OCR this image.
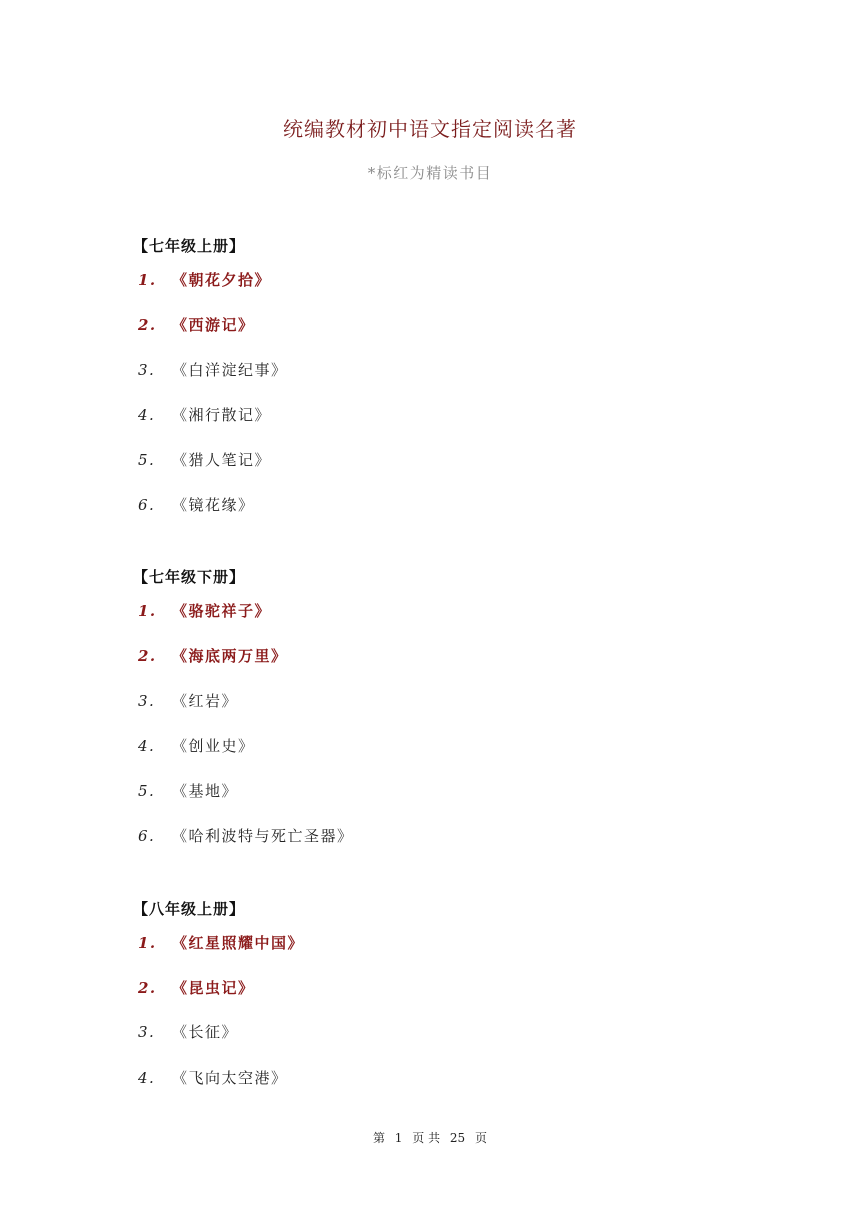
统编教材初中语文指定阅读名著
*标红为精读书目
【七年级上册】
1. 《朝花夕拾》
2. 《西游记》
3. 《白洋淀纪事》
4. 《湘行散记》
5. 《猎人笔记》
6. 《镜花缘》
【七年级下册】
1. 《骆驼祥子》
2. 《海底两万里》
3. 《红岩》
4. 《创业史》
5. 《基地》
6. 《哈利波特与死亡圣器》
【八年级上册】
1. 《红星照耀中国》
2. 《昆虫记》
3. 《长征》
4. 《飞向太空港》
第 1 页 共 25 页
